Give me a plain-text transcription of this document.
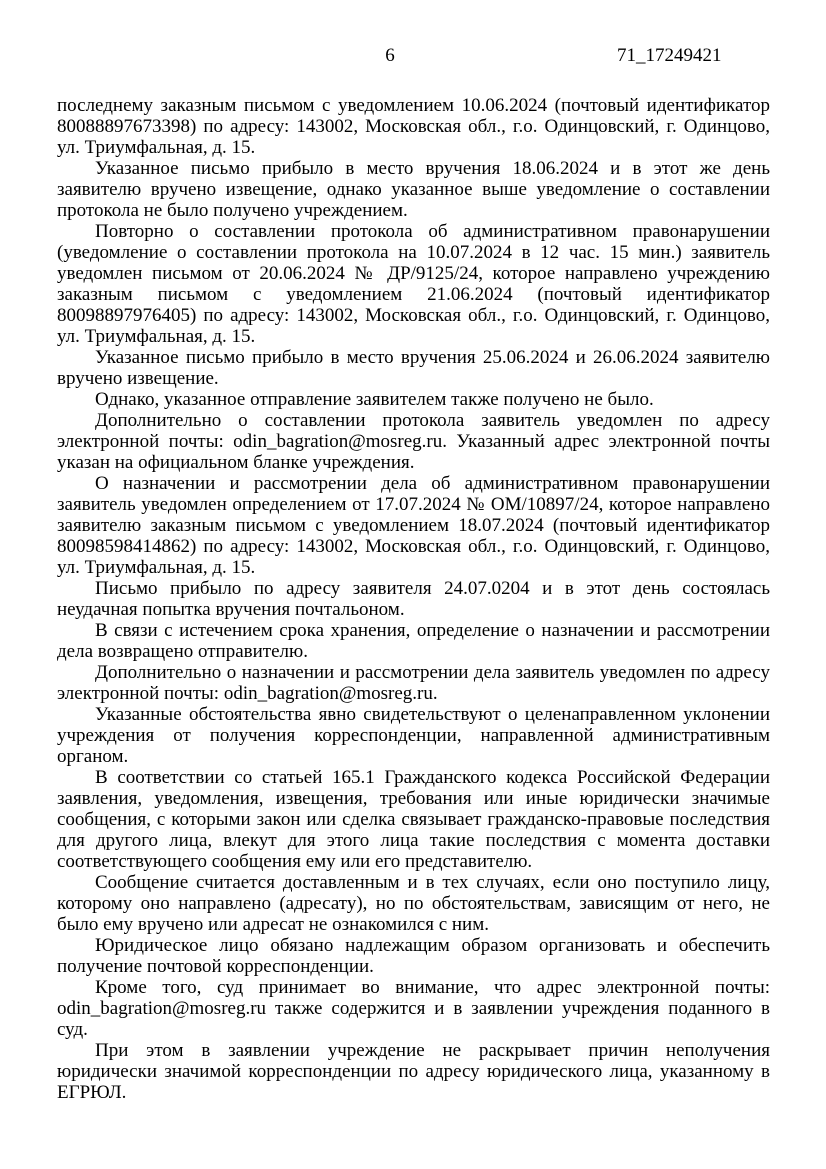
6	71_17249421

последнему заказным письмом с уведомлением 10.06.2024 (почтовый идентификатор 80088897673398) по адресу: 143002, Московская обл., г.о. Одинцовский, г. Одинцово, ул. Триумфальная, д. 15.

Указанное письмо прибыло в место вручения 18.06.2024 и в этот же день заявителю вручено извещение, однако указанное выше уведомление о составлении протокола не было получено учреждением.

Повторно о составлении протокола об административном правонарушении (уведомление о составлении протокола на 10.07.2024 в 12 час. 15 мин.) заявитель уведомлен письмом от 20.06.2024 № ДР/9125/24, которое направлено учреждению заказным письмом с уведомлением 21.06.2024 (почтовый идентификатор 80098897976405) по адресу: 143002, Московская обл., г.о. Одинцовский, г. Одинцово, ул. Триумфальная, д. 15.

Указанное письмо прибыло в место вручения 25.06.2024 и 26.06.2024 заявителю вручено извещение.

Однако, указанное отправление заявителем также получено не было.

Дополнительно о составлении протокола заявитель уведомлен по адресу электронной почты: odin_bagration@mosreg.ru. Указанный адрес электронной почты указан на официальном бланке учреждения.

О назначении и рассмотрении дела об административном правонарушении заявитель уведомлен определением от 17.07.2024 № ОМ/10897/24, которое направлено заявителю заказным письмом с уведомлением 18.07.2024 (почтовый идентификатор 80098598414862) по адресу: 143002, Московская обл., г.о. Одинцовский, г. Одинцово, ул. Триумфальная, д. 15.

Письмо прибыло по адресу заявителя 24.07.0204 и в этот день состоялась неудачная попытка вручения почтальоном.

В связи с истечением срока хранения, определение о назначении и рассмотрении дела возвращено отправителю.

Дополнительно о назначении и рассмотрении дела заявитель уведомлен по адресу электронной почты: odin_bagration@mosreg.ru.

Указанные обстоятельства явно свидетельствуют о целенаправленном уклонении учреждения от получения корреспонденции, направленной административным органом.

В соответствии со статьей 165.1 Гражданского кодекса Российской Федерации заявления, уведомления, извещения, требования или иные юридически значимые сообщения, с которыми закон или сделка связывает гражданско-правовые последствия для другого лица, влекут для этого лица такие последствия с момента доставки соответствующего сообщения ему или его представителю.

Сообщение считается доставленным и в тех случаях, если оно поступило лицу, которому оно направлено (адресату), но по обстоятельствам, зависящим от него, не было ему вручено или адресат не ознакомился с ним.

Юридическое лицо обязано надлежащим образом организовать и обеспечить получение почтовой корреспонденции.

Кроме того, суд принимает во внимание, что адрес электронной почты: odin_bagration@mosreg.ru также содержится и в заявлении учреждения поданного в суд.

При этом в заявлении учреждение не раскрывает причин неполучения юридически значимой корреспонденции по адресу юридического лица, указанному в ЕГРЮЛ.
